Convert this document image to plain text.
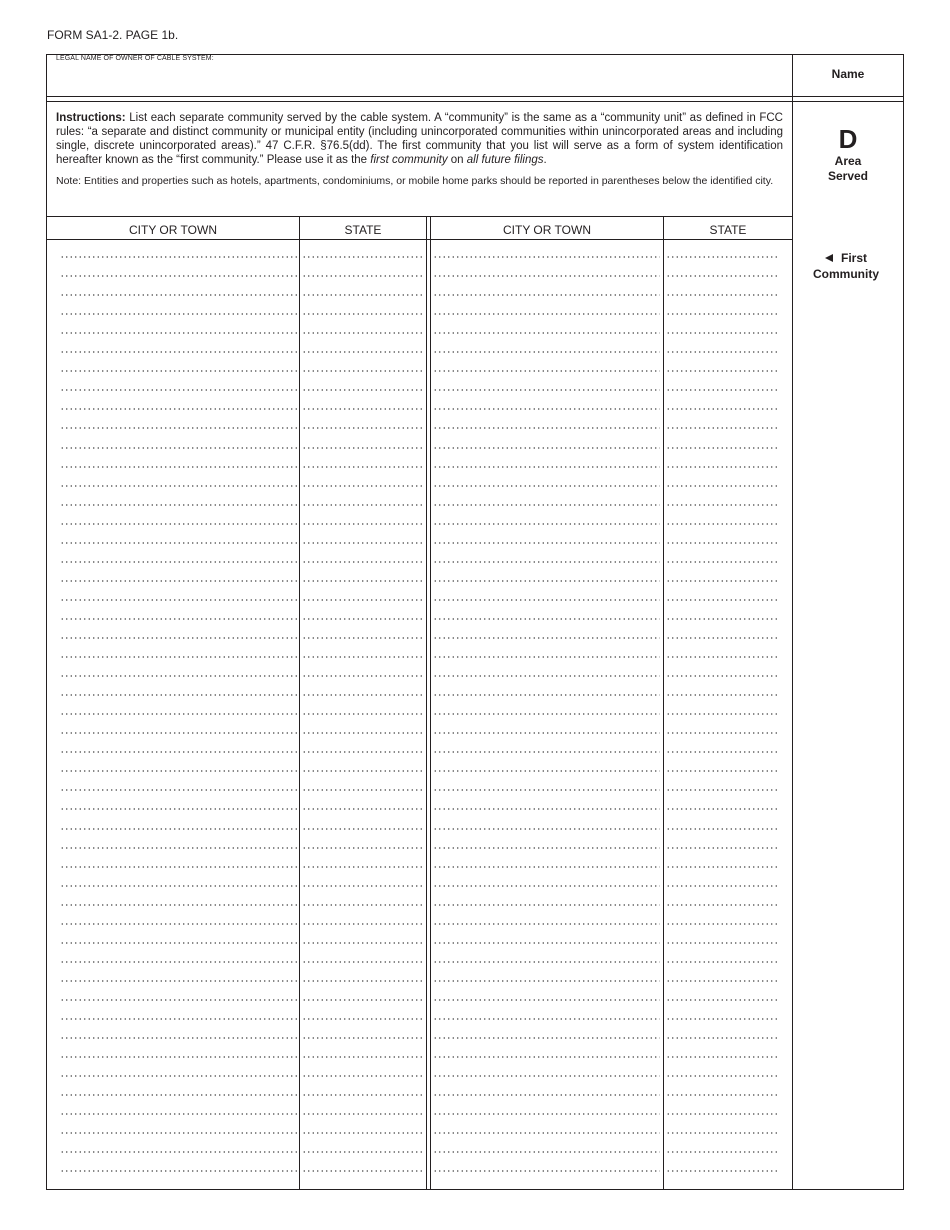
FORM SA1-2. PAGE 1b.
LEGAL NAME OF OWNER OF CABLE SYSTEM:
Name
Instructions: List each separate community served by the cable system. A “community” is the same as a “community unit” as defined in FCC rules: “a separate and distinct community or municipal entity (including unincorporated communities within unincorporated areas and including single, discrete unincorporated areas).” 47 C.F.R. §76.5(dd). The first community that you list will serve as a form of system identification hereafter known as the “first community.” Please use it as the first community on all future filings.
Note: Entities and properties such as hotels, apartments, condominiums, or mobile home parks should be reported in parentheses below the identified city.
D
Area
Served
First
Community
CITY OR TOWN	STATE	CITY OR TOWN	STATE
